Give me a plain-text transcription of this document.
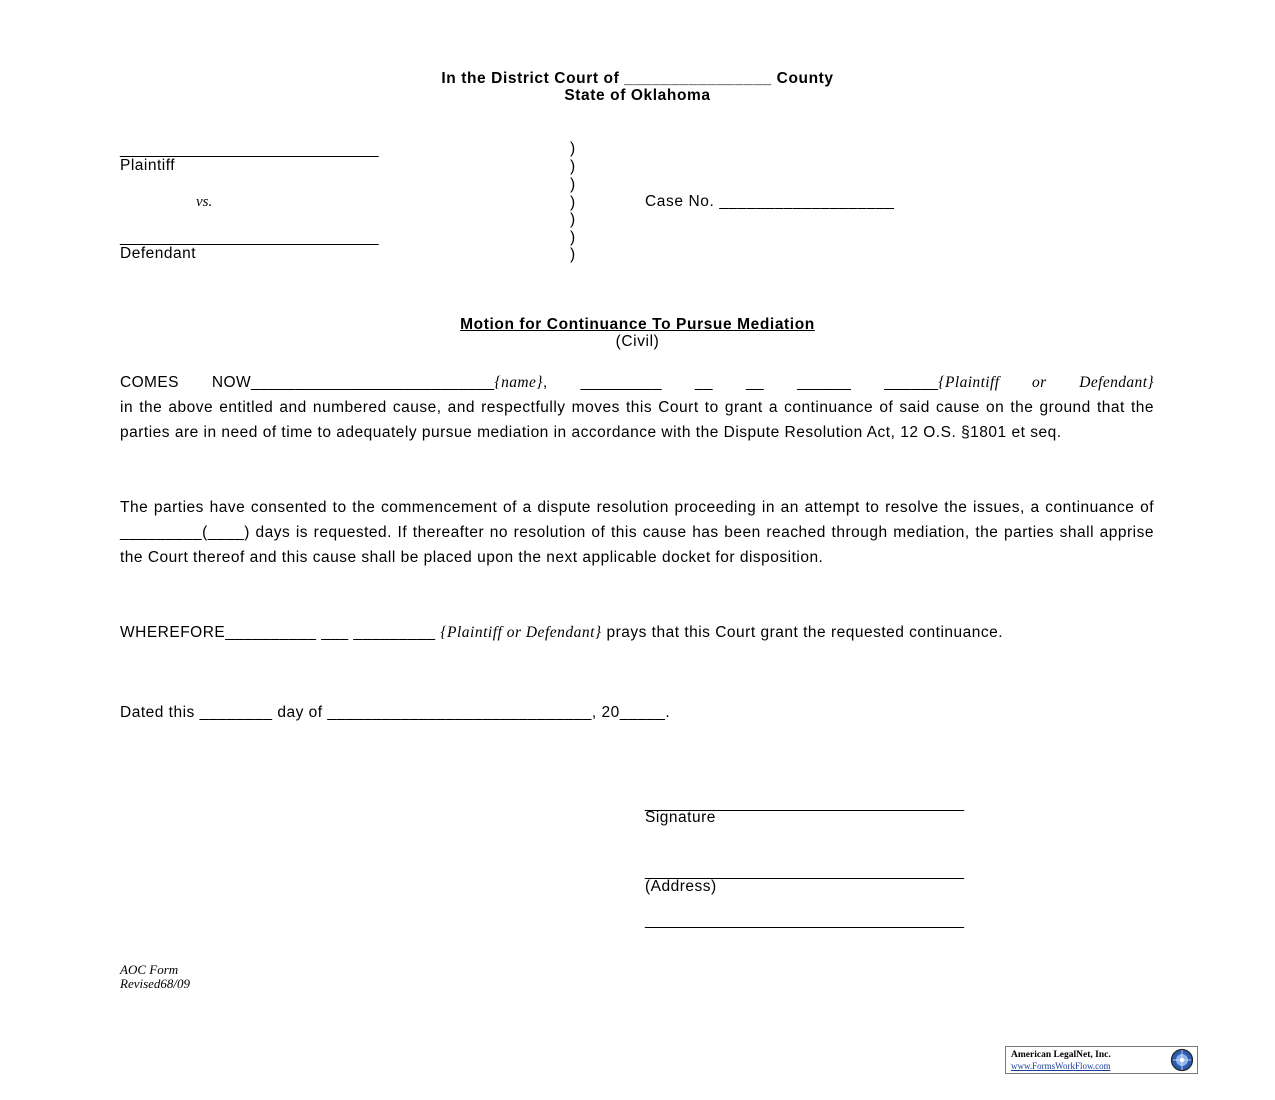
In the District Court of ________________ County
State of Oklahoma
______________________________
Plaintiff
vs.
______________________________
Defendant
)
)
)
)
)
)
)
Case No. ___________________
Motion for Continuance To Pursue Mediation
(Civil)
COMES NOW___________________________{name}, _________ __ __ ______ ______{Plaintiff or Defendant}
in the above entitled and numbered cause, and respectfully moves this Court to grant a continuance of said cause on the ground that the parties are in need of time to adequately pursue mediation in accordance with the Dispute Resolution Act, 12 O.S. §1801 et seq.
The parties have consented to the commencement of a dispute resolution proceeding in an attempt to resolve the issues, a continuance of _________(____) days is requested. If thereafter no resolution of this cause has been reached through mediation, the parties shall apprise the Court thereof and this cause shall be placed upon the next applicable docket for disposition.
WHEREFORE__________ ___ _________ {Plaintiff or Defendant} prays that this Court grant the requested continuance.
Dated this ________ day of _____________________________, 20_____.
_____________________________________
Signature
_____________________________________
(Address)
_____________________________________
AOC Form
Revised68/09
American LegalNet, Inc.
www.FormsWorkFlow.com
